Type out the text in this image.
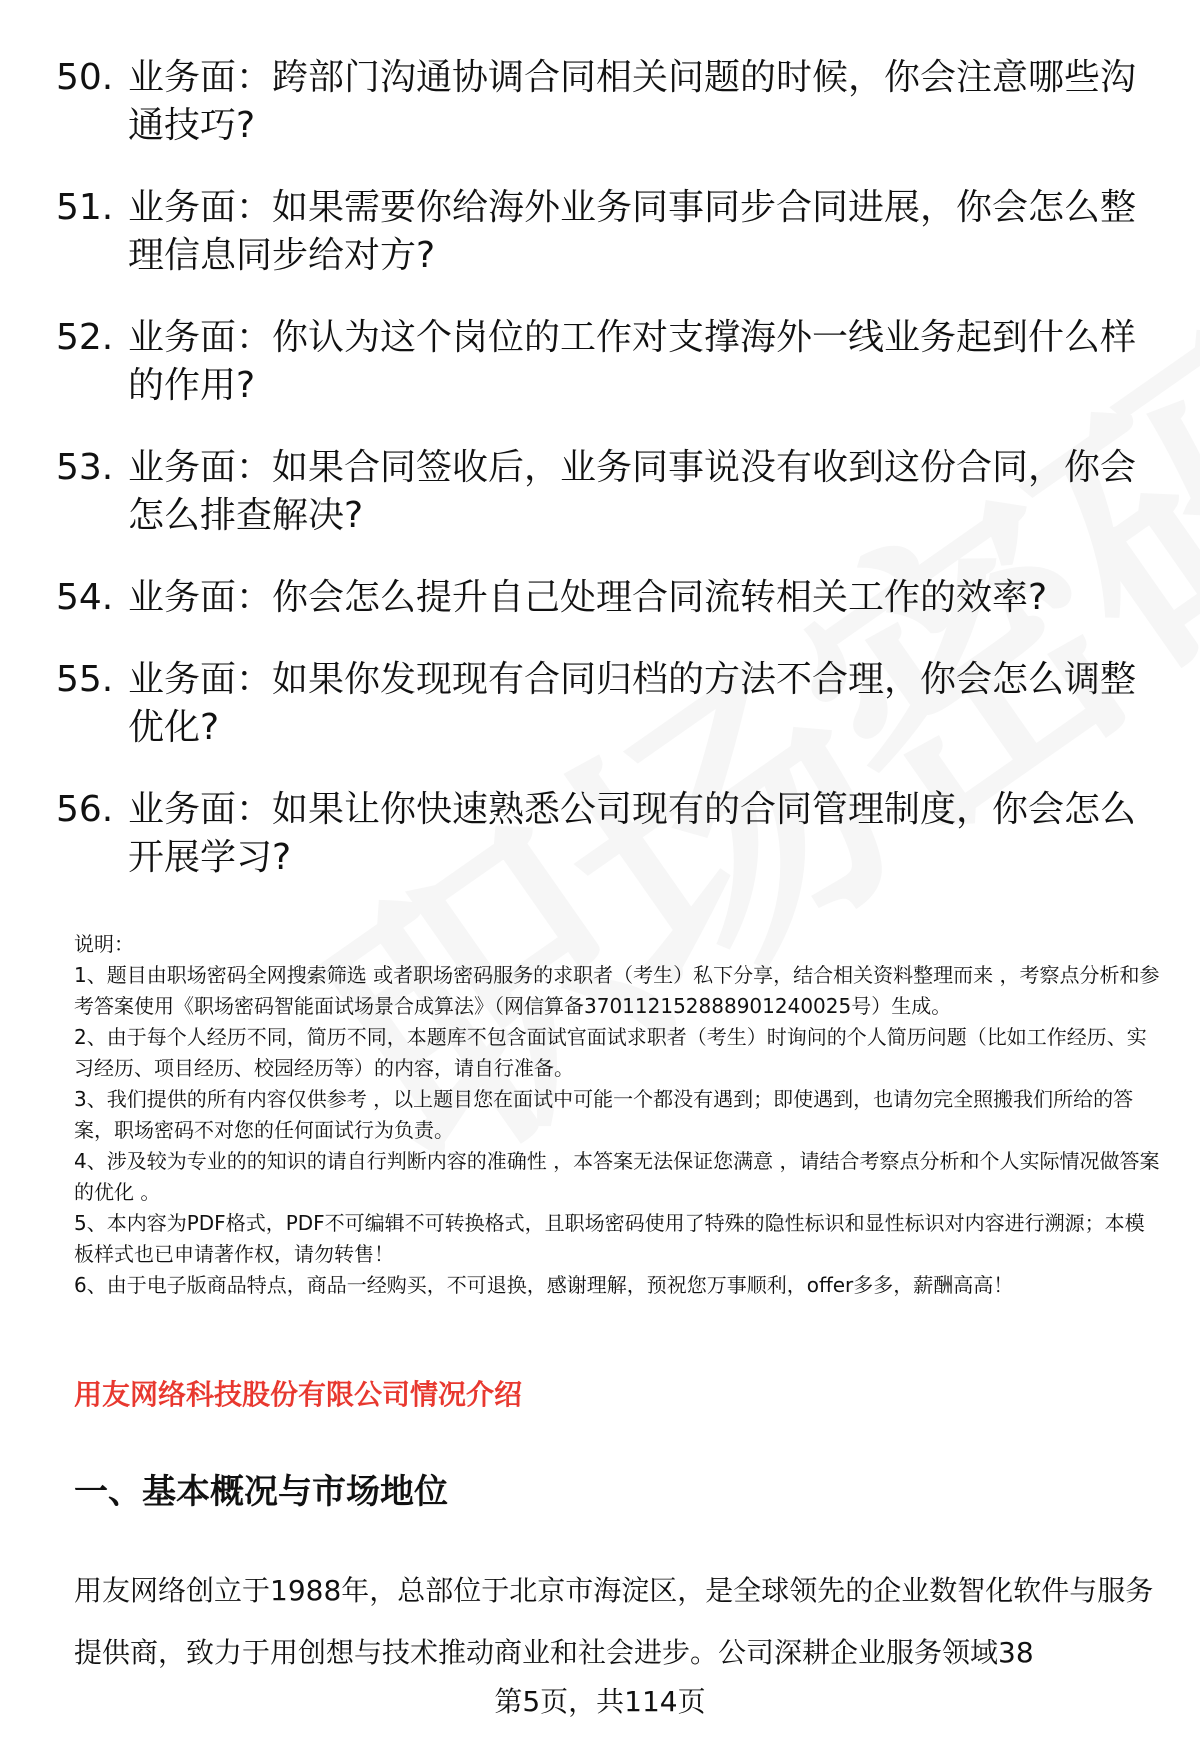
50. 业务面：跨部门沟通协调合同相关问题的时候，你会注意哪些沟通技巧?
51. 业务面：如果需要你给海外业务同事同步合同进展，你会怎么整理信息同步给对方?
52. 业务面：你认为这个岗位的工作对支撑海外一线业务起到什么样的作用?
53. 业务面：如果合同签收后，业务同事说没有收到这份合同，你会怎么排查解决?
54. 业务面：你会怎么提升自己处理合同流转相关工作的效率?
55. 业务面：如果你发现现有合同归档的方法不合理，你会怎么调整优化?
56. 业务面：如果让你快速熟悉公司现有的合同管理制度，你会怎么开展学习?
说明：
1、题目由职场密码全网搜索筛选 或者职场密码服务的求职者（考生）私下分享，结合相关资料整理而来 ，考察点分析和参考答案使用《职场密码智能面试场景合成算法》（网信算备370112152888901240025号）生成。
2、由于每个人经历不同，简历不同，本题库不包含面试官面试求职者（考生）时询问的个人简历问题（比如工作经历、实习经历、项目经历、校园经历等）的内容，请自行准备。
3、我们提供的所有内容仅供参考 ，以上题目您在面试中可能一个都没有遇到；即使遇到，也请勿完全照搬我们所给的答案，职场密码不对您的任何面试行为负责。
4、涉及较为专业的的知识的请自行判断内容的准确性 ，本答案无法保证您满意 ，请结合考察点分析和个人实际情况做答案的优化 。
5、本内容为PDF格式，PDF不可编辑不可转换格式，且职场密码使用了特殊的隐性标识和显性标识对内容进行溯源；本模板样式也已申请著作权，请勿转售！
6、由于电子版商品特点，商品一经购买，不可退换，感谢理解，预祝您万事顺利，offer多多，薪酬高高！
用友网络科技股份有限公司情况介绍
一、基本概况与市场地位
用友网络创立于1988年，总部位于北京市海淀区，是全球领先的企业数智化软件与服务提供商，致力于用创想与技术推动商业和社会进步。公司深耕企业服务领域38
第5页，共114页
